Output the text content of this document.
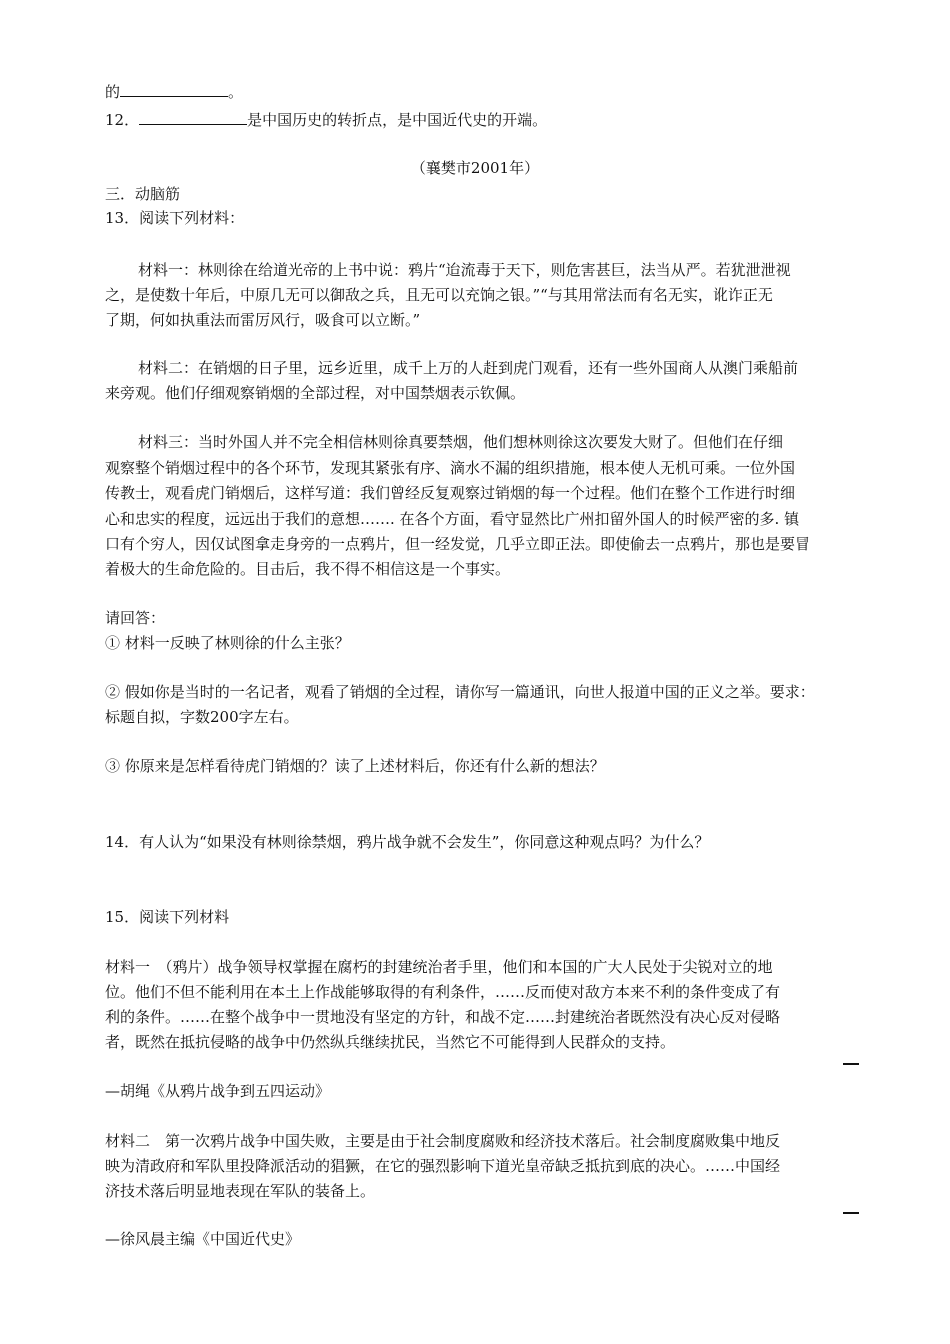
的	。
12．	是中国历史的转折点，是中国近代史的开端。
（襄樊市2001年）
三．动脑筋
13．阅读下列材料：
材料一：林则徐在给道光帝的上书中说：鸦片“迨流毒于天下，则危害甚巨，法当从严。若犹泄泄视
之，是使数十年后，中原几无可以御敌之兵，且无可以充饷之银。”“与其用常法而有名无实，讹诈正无
了期，何如执重法而雷厉风行，吸食可以立断。”
材料二：在销烟的日子里，远乡近里，成千上万的人赶到虎门观看，还有一些外国商人从澳门乘船前
来旁观。他们仔细观察销烟的全部过程，对中国禁烟表示钦佩。
材料三：当时外国人并不完全相信林则徐真要禁烟，他们想林则徐这次要发大财了。但他们在仔细
观察整个销烟过程中的各个环节，发现其紧张有序、滴水不漏的组织措施，根本使人无机可乘。一位外国
传教士，观看虎门销烟后，这样写道：我们曾经反复观察过销烟的每一个过程。他们在整个工作进行时细
心和忠实的程度，远远出于我们的意想……. 在各个方面，看守显然比广州扣留外国人的时候严密的多. 镇
口有个穷人，因仅试图拿走身旁的一点鸦片，但一经发觉，几乎立即正法。即使偷去一点鸦片，那也是要冒
着极大的生命危险的。目击后，我不得不相信这是一个事实。
请回答：
① 材料一反映了林则徐的什么主张？
② 假如你是当时的一名记者，观看了销烟的全过程，请你写一篇通讯，向世人报道中国的正义之举。要求：
标题自拟，字数200字左右。
③ 你原来是怎样看待虎门销烟的？读了上述材料后，你还有什么新的想法？
14．有人认为“如果没有林则徐禁烟，鸦片战争就不会发生”，你同意这种观点吗？为什么？
15．阅读下列材料
材料一　（鸦片）战争领导权掌握在腐朽的封建统治者手里，他们和本国的广大人民处于尖锐对立的地
位。他们不但不能利用在本土上作战能够取得的有利条件，……反而使对敌方本来不利的条件变成了有
利的条件。……在整个战争中一贯地没有坚定的方针，和战不定……封建统治者既然没有决心反对侵略
者，既然在抵抗侵略的战争中仍然纵兵继续扰民，当然它不可能得到人民群众的支持。
—胡绳《从鸦片战争到五四运动》
材料二　第一次鸦片战争中国失败，主要是由于社会制度腐败和经济技术落后。社会制度腐败集中地反
映为清政府和军队里投降派活动的猖獗，在它的强烈影响下道光皇帝缺乏抵抗到底的决心。……中国经
济技术落后明显地表现在军队的装备上。
—徐风晨主编《中国近代史》
